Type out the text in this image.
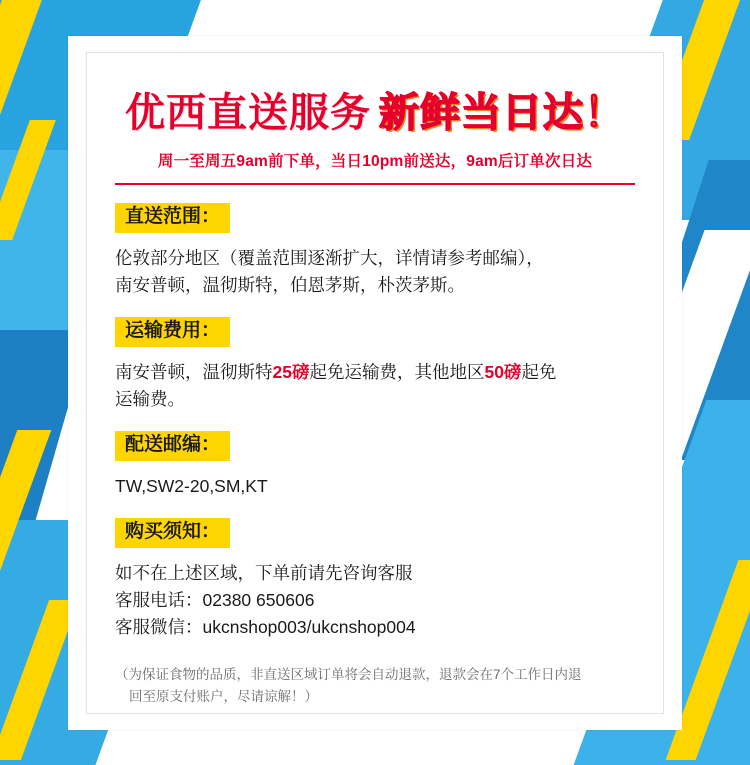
优西直送服务 新鲜当日达！
周一至周五9am前下单，当日10pm前送达，9am后订单次日达
直送范围：
伦敦部分地区（覆盖范围逐渐扩大，详情请参考邮编），
南安普顿，温彻斯特，伯恩茅斯，朴茨茅斯。
运输费用：
南安普顿，温彻斯特25磅起免运输费，其他地区50磅起免
运输费。
配送邮编：
TW,SW2-20,SM,KT
购买须知：
如不在上述区域，下单前请先咨询客服
客服电话：02380 650606
客服微信：ukcnshop003/ukcnshop004
（为保证食物的品质，非直送区域订单将会自动退款，退款会在7个工作日内退
回至原支付账户，尽请谅解！）
